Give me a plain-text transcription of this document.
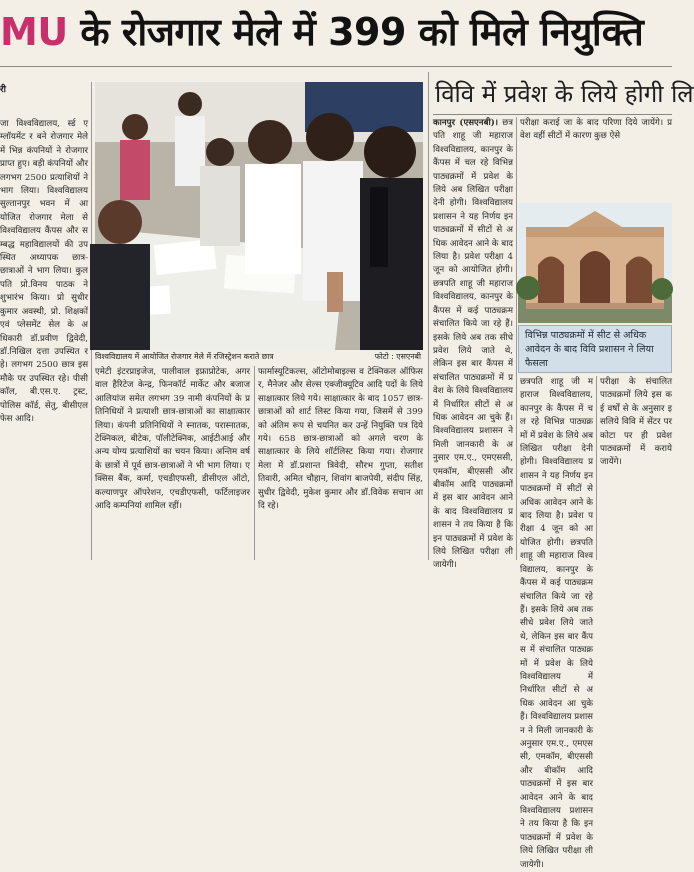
MU के रोजगार मेले में 399 को मिले नियुक्ति
री
जा विश्वविद्यालय, र्स्ड एम्लॉयमेंट र बने रोजगार मेले में भिन्न कंपनियों ने रोजगार प्राप्त हुए। बड़ी कंपनियों और लगभग 2500 प्रत्याशियों ने भाग लिया। विश्वविद्यालय सुल्तानपुर भवन में आयोजित रोजगार मेला से विश्वविद्यालय कैंपस और सम्बद्ध महाविद्यालयों की उपस्थित अध्यापक छात्र-छात्राओं ने भाग लिया। कुलपति प्रो.विनय पाठक ने शुभारंभ किया। प्रो सुधीर कुमार अवस्थी, प्रो. शिक्षकों एवं प्लेसमेंट सेल के अधिकारी डॉ.प्रवीण द्विवेदी, डॉ.निखिल दत्ता उपस्थित रहे। लगभग 2500 छात्र इस मौके पर उपस्थित रहे। पीसी कॉल, बी.एस.ए. ट्रस्ट, पोलिस कॉर्ड, सेतु, बीसीएल फेस आदि।
विश्वविद्यालय में आयोजित रोजगार मेले में रजिस्ट्रेशन कराते छात्र	फोटो : एसएनबी
एमेटी इंटरप्राइजेज, पालीवाल इफ्राप्रोटेक, अगरवाल हैरिटेज केन्द्र, फिनकॉर्ट मार्केट और बजाज आलियांज समेत लगभग 39 नामी कंपनियों के प्रतिनिधियों ने प्रत्याशी छात्र-छात्राओं का साक्षात्कार लिया। कंपनी प्रतिनिधियों ने स्नातक, परास्नातक, टेक्निकल, बीटेक, पॉलीटेक्निक, आईटीआई और अन्य योग्य प्रत्याशियों का चयन किया। अन्तिम वर्ष के छात्रों में पूर्व छात्र-छात्राओं ने भी भाग लिया। एक्सिस बैंक, कर्मा, एचडीएफसी, डीसीएल ऑटो, कल्याणपुर ऑपरेशन, एचडीएफसी, फर्टिलाइजर आदि कम्पनियां शामिल रहीं।
फार्मास्यूटिकल्स, ऑटोमोबाइल्स व टेक्निकल ऑफिसर, मैनेजर और सेल्स एक्जीक्यूटिव आदि पदों के लिये साक्षात्कार लिये गये। साक्षात्कार के बाद 1057 छात्र-छात्राओं को शार्ट लिस्ट किया गया, जिसमें से 399 को अंतिम रूप से चयनित कर उन्हें नियुक्ति पत्र दिये गये। 658 छात्र-छात्राओं को अगले चरण के साक्षात्कार के लिये शॉर्टलिस्ट किया गया। रोजगार मेला में डॉ.प्रशान्त त्रिवेदी, सौरभ गुप्ता, सतीश तिवारी, अमित चौहान, शिवांग बाजपेयी, संदीप सिंह, सुधीर द्विवेदी, मुकेश कुमार और डॉ.विवेक सचान आदि रहे।
विवि में प्रवेश के लिये होगी लि
कानपुर (एसएनबी)। छत्रपति शाहू जी महाराज विश्वविद्यालय, कानपुर के कैंपस में चल रहे विभिन्न पाठ्यक्रमों में प्रवेश के लिये अब लिखित परीक्षा देनी होगी। विश्वविद्यालय प्रशासन ने यह निर्णय इन पाठ्यक्रमों में सीटों से अधिक आवेदन आने के बाद लिया है। प्रवेश परीक्षा 4 जून को आयोजित होगी। छत्रपति शाहू जी महाराज विश्वविद्यालय, कानपुर के कैंपस में कई पाठ्यक्रम संचालित किये जा रहे हैं। इसके लिये अब तक सीधे प्रवेश लिये जाते थे, लेकिन इस बार कैंपस में संचालित पाठ्यक्रमों में प्रवेश के लिये विश्वविद्यालय में निर्धारित सीटों से अधिक आवेदन आ चुके हैं। विश्वविद्यालय प्रशासन ने मिली जानकारी के अनुसार एम.ए., एमएससी, एमकॉम, बीएससी और बीकॉम आदि पाठ्यक्रमों में इस बार आवेदन आने के बाद विश्वविद्यालय प्रशासन ने तय किया है कि इन पाठ्यक्रमों में प्रवेश के लिये लिखित परीक्षा ली जायेगी।
परीक्षा कराई जा के बाद परिणा दिये जायेंगे। प्रवेश वहीं सीटों में कारण कुछ ऐसे
विभिन्न पाठ्यक्रमों में सीट से अधिक आवेदन के बाद विवि प्रशासन ने लिया फैसला
परीक्षा के संचालित पाठ्यक्रमों लिये इस कई वर्षों से के अनुसार इसलिये विवि में सेंटर पर कोटा पर ही प्रवेश पाठ्यक्रमों में कराये जायेंगे।
छत्रपति शाहू जी महाराज विश्वविद्यालय, कानपुर के कैंपस में चल रहे विभिन्न पाठ्यक्रमों में प्रवेश के लिये अब लिखित परीक्षा देनी होगी। विश्वविद्यालय प्रशासन ने यह निर्णय इन पाठ्यक्रमों में सीटों से अधिक आवेदन आने के बाद लिया है। प्रवेश परीक्षा 4 जून को आयोजित होगी। छत्रपति शाहू जी महाराज विश्वविद्यालय, कानपुर के कैंपस में कई पाठ्यक्रम संचालित किये जा रहे हैं। इसके लिये अब तक सीधे प्रवेश लिये जाते थे, लेकिन इस बार कैंपस में संचालित पाठ्यक्रमों में प्रवेश के लिये विश्वविद्यालय में निर्धारित सीटों से अधिक आवेदन आ चुके हैं। विश्वविद्यालय प्रशासन ने मिली जानकारी के अनुसार एम.ए., एमएससी, एमकॉम, बीएससी और बीकॉम आदि पाठ्यक्रमों में इस बार आवेदन आने के बाद विश्वविद्यालय प्रशासन ने तय किया है कि इन पाठ्यक्रमों में प्रवेश के लिये लिखित परीक्षा ली जायेगी।
